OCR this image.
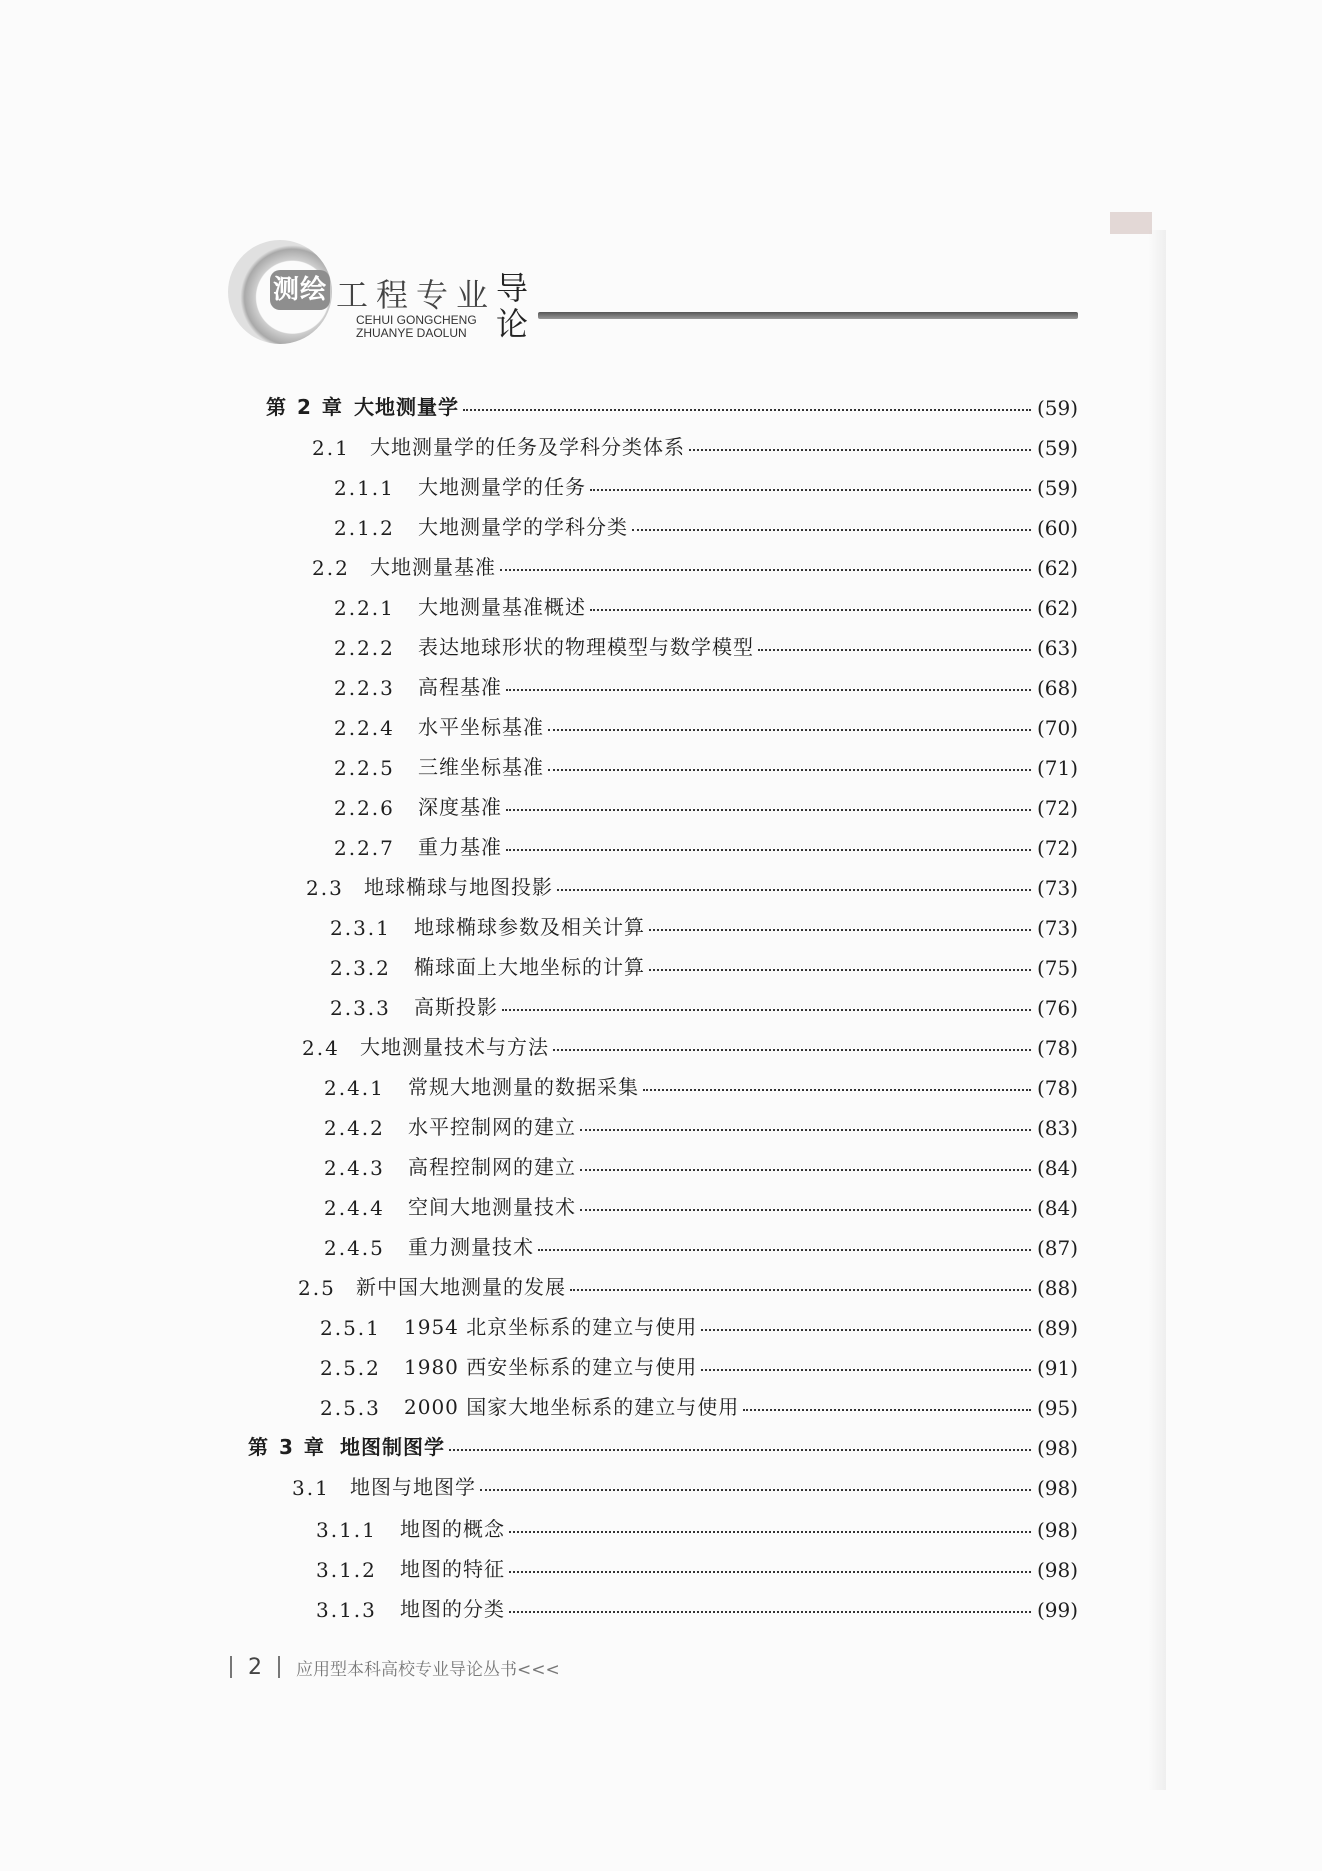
测绘 工程专业
CEHUI GONGCHENG
ZHUANYE DAOLUN
导
论
第 2 章 大地测量学	(59)
2.1	大地测量学的任务及学科分类体系	(59)
2.1.1	大地测量学的任务	(59)
2.1.2	大地测量学的学科分类	(60)
2.2	大地测量基准	(62)
2.2.1	大地测量基准概述	(62)
2.2.2	表达地球形状的物理模型与数学模型	(63)
2.2.3	高程基准	(68)
2.2.4	水平坐标基准	(70)
2.2.5	三维坐标基准	(71)
2.2.6	深度基准	(72)
2.2.7	重力基准	(72)
2.3	地球椭球与地图投影	(73)
2.3.1	地球椭球参数及相关计算	(73)
2.3.2	椭球面上大地坐标的计算	(75)
2.3.3	高斯投影	(76)
2.4	大地测量技术与方法	(78)
2.4.1	常规大地测量的数据采集	(78)
2.4.2	水平控制网的建立	(83)
2.4.3	高程控制网的建立	(84)
2.4.4	空间大地测量技术	(84)
2.4.5	重力测量技术	(87)
2.5	新中国大地测量的发展	(88)
2.5.1	1954 北京坐标系的建立与使用	(89)
2.5.2	1980 西安坐标系的建立与使用	(91)
2.5.3	2000 国家大地坐标系的建立与使用	(95)
第 3 章 地图制图学	(98)
3.1	地图与地图学	(98)
3.1.1	地图的概念	(98)
3.1.2	地图的特征	(98)
3.1.3	地图的分类	(99)
2 应用型本科高校专业导论丛书<<<
